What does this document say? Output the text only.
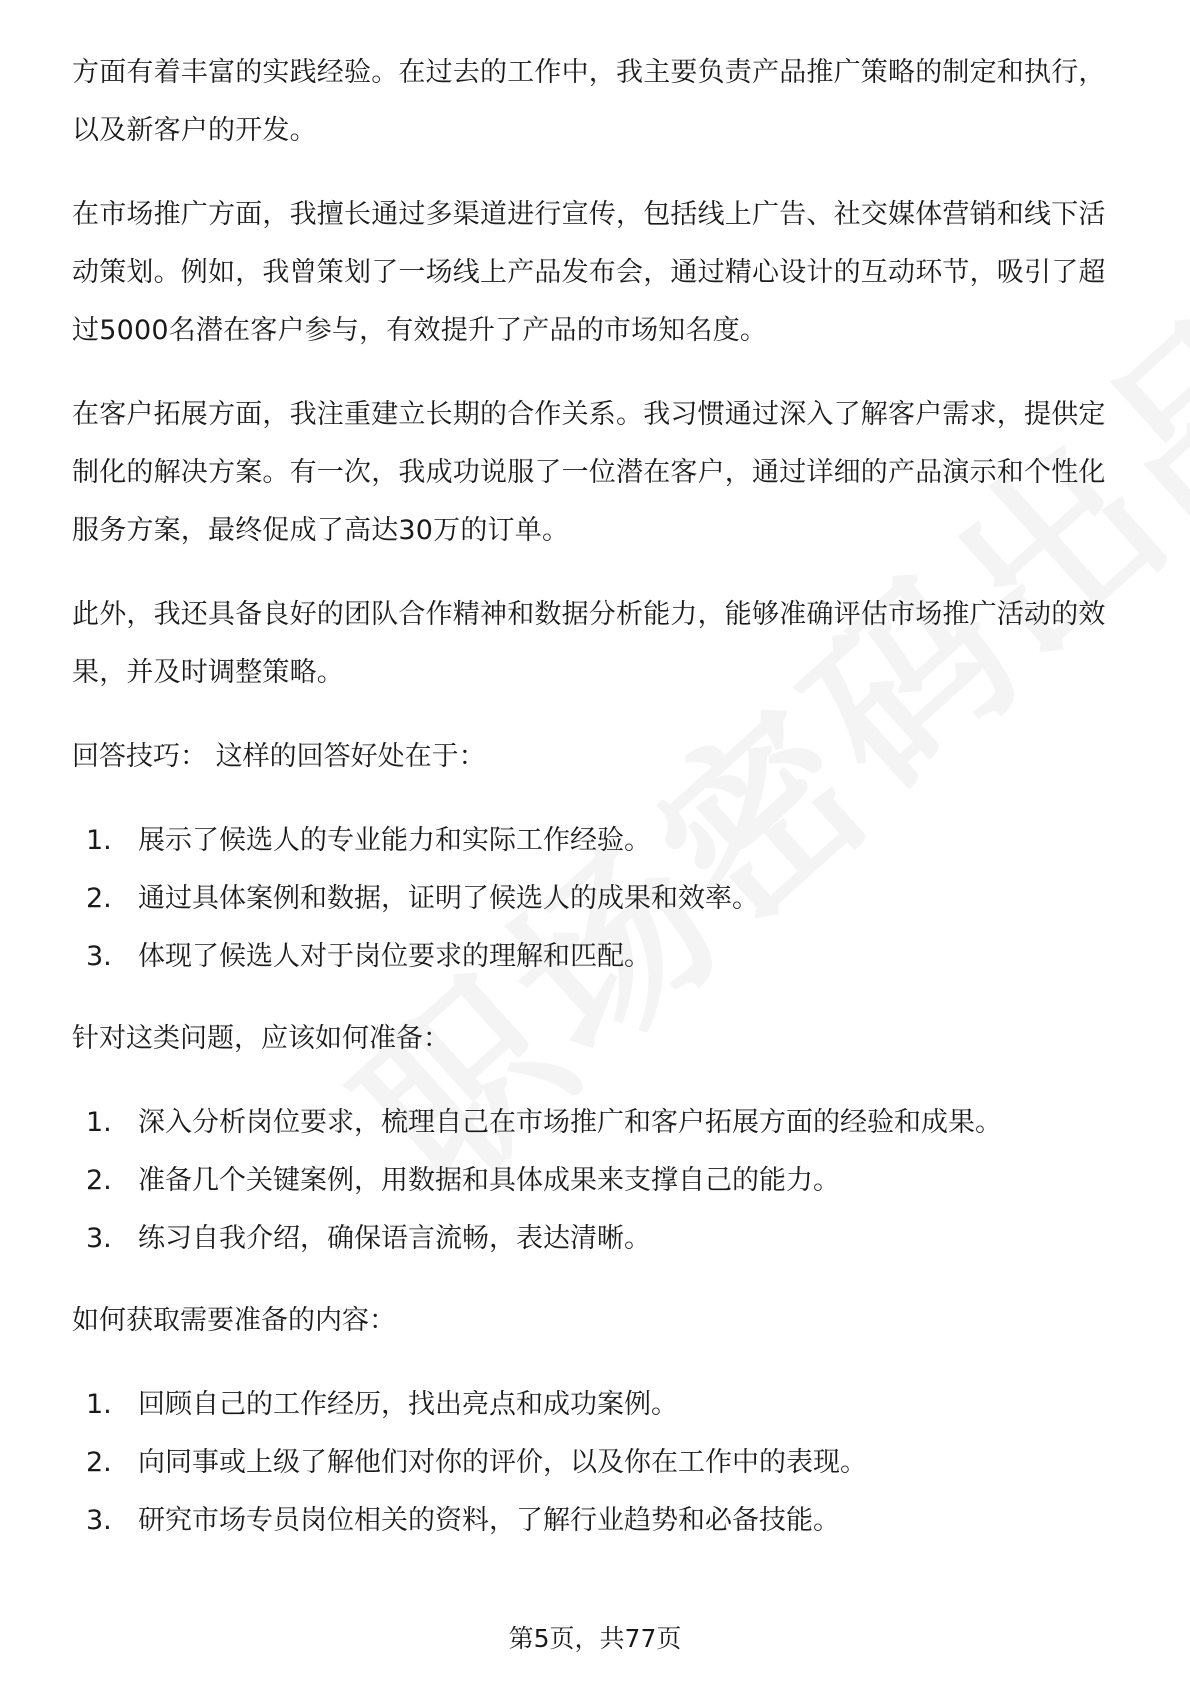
方面有着丰富的实践经验。在过去的工作中，我主要负责产品推广策略的制定和执行，以及新客户的开发。

在市场推广方面，我擅长通过多渠道进行宣传，包括线上广告、社交媒体营销和线下活动策划。例如，我曾策划了一场线上产品发布会，通过精心设计的互动环节，吸引了超过5000名潜在客户参与，有效提升了产品的市场知名度。

在客户拓展方面，我注重建立长期的合作关系。我习惯通过深入了解客户需求，提供定制化的解决方案。有一次，我成功说服了一位潜在客户，通过详细的产品演示和个性化服务方案，最终促成了高达30万的订单。

此外，我还具备良好的团队合作精神和数据分析能力，能够准确评估市场推广活动的效果，并及时调整策略。

回答技巧： 这样的回答好处在于：

1. 展示了候选人的专业能力和实际工作经验。
2. 通过具体案例和数据，证明了候选人的成果和效率。
3. 体现了候选人对于岗位要求的理解和匹配。

针对这类问题，应该如何准备：

1. 深入分析岗位要求，梳理自己在市场推广和客户拓展方面的经验和成果。
2. 准备几个关键案例，用数据和具体成果来支撑自己的能力。
3. 练习自我介绍，确保语言流畅，表达清晰。

如何获取需要准备的内容：

1. 回顾自己的工作经历，找出亮点和成功案例。
2. 向同事或上级了解他们对你的评价，以及你在工作中的表现。
3. 研究市场专员岗位相关的资料，了解行业趋势和必备技能。
第5页，共77页
